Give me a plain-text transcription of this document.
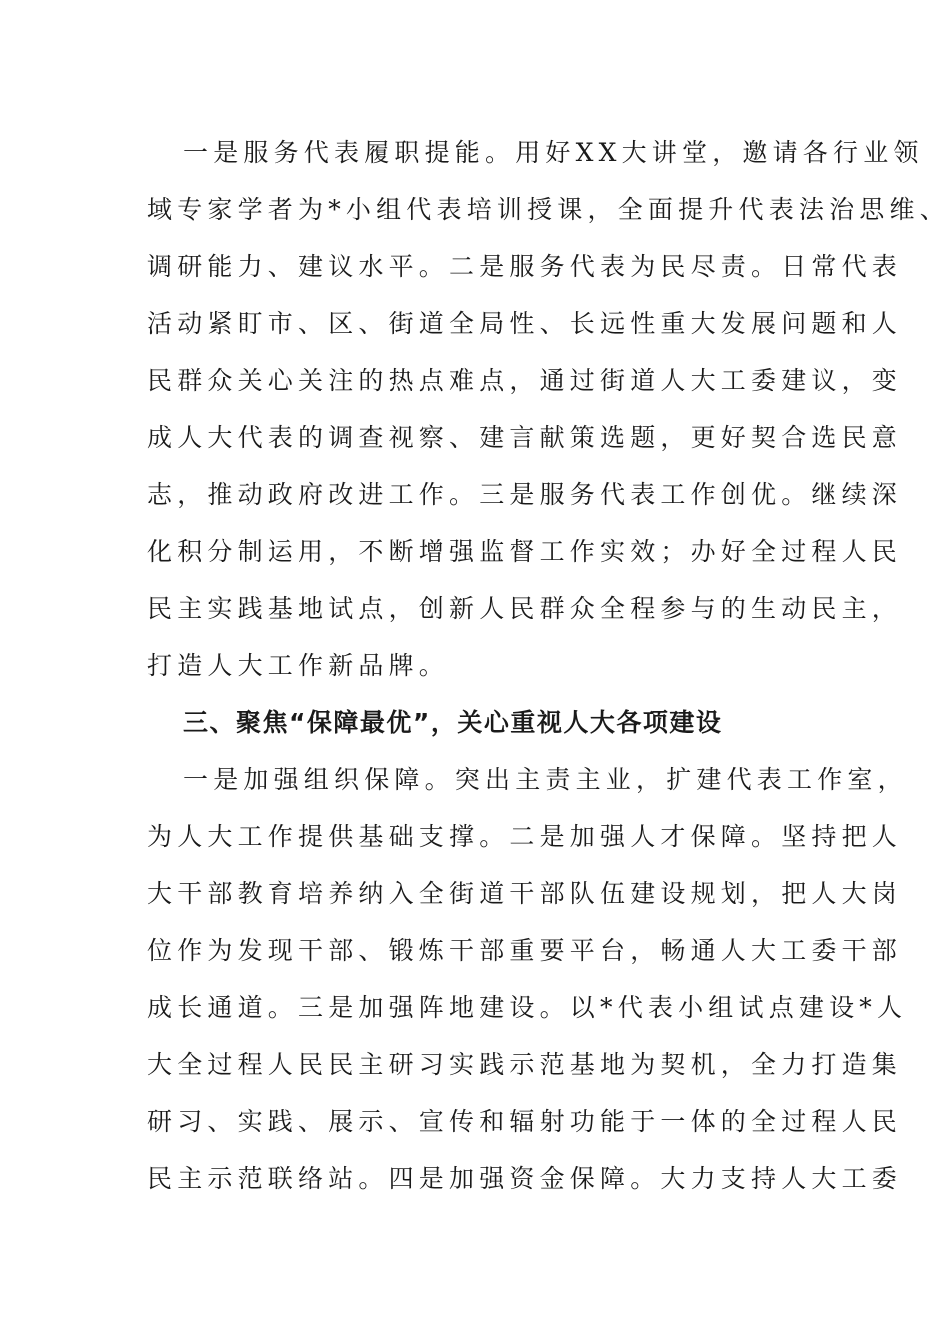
一是服务代表履职提能。用好XX大讲堂，邀请各行业领
域专家学者为*小组代表培训授课，全面提升代表法治思维、
调研能力、建议水平。二是服务代表为民尽责。日常代表
活动紧盯市、区、街道全局性、长远性重大发展问题和人
民群众关心关注的热点难点，通过街道人大工委建议，变
成人大代表的调查视察、建言献策选题，更好契合选民意
志，推动政府改进工作。三是服务代表工作创优。继续深
化积分制运用，不断增强监督工作实效；办好全过程人民
民主实践基地试点，创新人民群众全程参与的生动民主，
打造人大工作新品牌。
三、聚焦“保障最优”，关心重视人大各项建设
一是加强组织保障。突出主责主业，扩建代表工作室，
为人大工作提供基础支撑。二是加强人才保障。坚持把人
大干部教育培养纳入全街道干部队伍建设规划，把人大岗
位作为发现干部、锻炼干部重要平台，畅通人大工委干部
成长通道。三是加强阵地建设。以*代表小组试点建设*人
大全过程人民民主研习实践示范基地为契机，全力打造集
研习、实践、展示、宣传和辐射功能于一体的全过程人民
民主示范联络站。四是加强资金保障。大力支持人大工委
